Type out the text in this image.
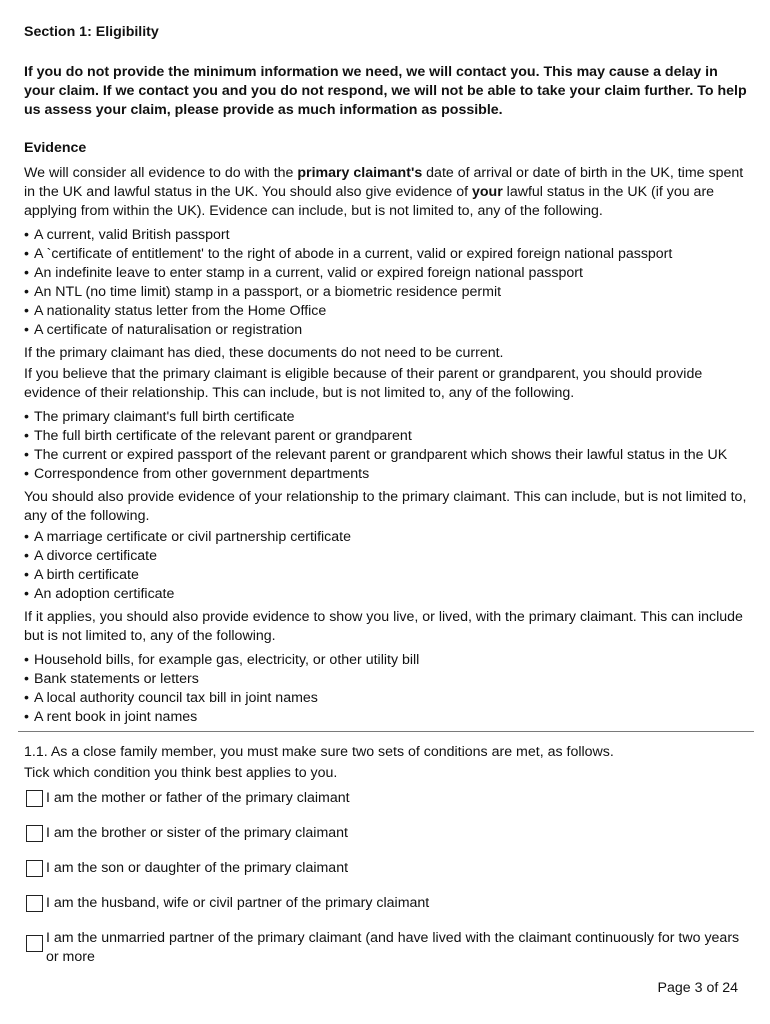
Section 1: Eligibility

If you do not provide the minimum information we need, we will contact you. This may cause a delay in your claim. If we contact you and you do not respond, we will not be able to take your claim further. To help us assess your claim, please provide as much information as possible.

Evidence

We will consider all evidence to do with the primary claimant's date of arrival or date of birth in the UK, time spent in the UK and lawful status in the UK. You should also give evidence of your lawful status in the UK (if you are applying from within the UK). Evidence can include, but is not limited to, any of the following.

• A current, valid British passport
• A `certificate of entitlement' to the right of abode in a current, valid or expired foreign national passport
• An indefinite leave to enter stamp in a current, valid or expired foreign national passport
• An NTL (no time limit) stamp in a passport, or a biometric residence permit
• A nationality status letter from the Home Office
• A certificate of naturalisation or registration

If the primary claimant has died, these documents do not need to be current.

If you believe that the primary claimant is eligible because of their parent or grandparent, you should provide evidence of their relationship. This can include, but is not limited to, any of the following.

• The primary claimant's full birth certificate
• The full birth certificate of the relevant parent or grandparent
• The current or expired passport of the relevant parent or grandparent which shows their lawful status in the UK
• Correspondence from other government departments

You should also provide evidence of your relationship to the primary claimant. This can include, but is not limited to, any of the following.

• A marriage certificate or civil partnership certificate
• A divorce certificate
• A birth certificate
• An adoption certificate

If it applies, you should also provide evidence to show you live, or lived, with the primary claimant. This can include but is not limited to, any of the following.

• Household bills, for example gas, electricity, or other utility bill
• Bank statements or letters
• A local authority council tax bill in joint names
• A rent book in joint names

1.1. As a close family member, you must make sure two sets of conditions are met, as follows.

Tick which condition you think best applies to you.

I am the mother or father of the primary claimant
I am the brother or sister of the primary claimant
I am the son or daughter of the primary claimant
I am the husband, wife or civil partner of the primary claimant
I am the unmarried partner of the primary claimant (and have lived with the claimant continuously for two years or more
Page 3 of 24
